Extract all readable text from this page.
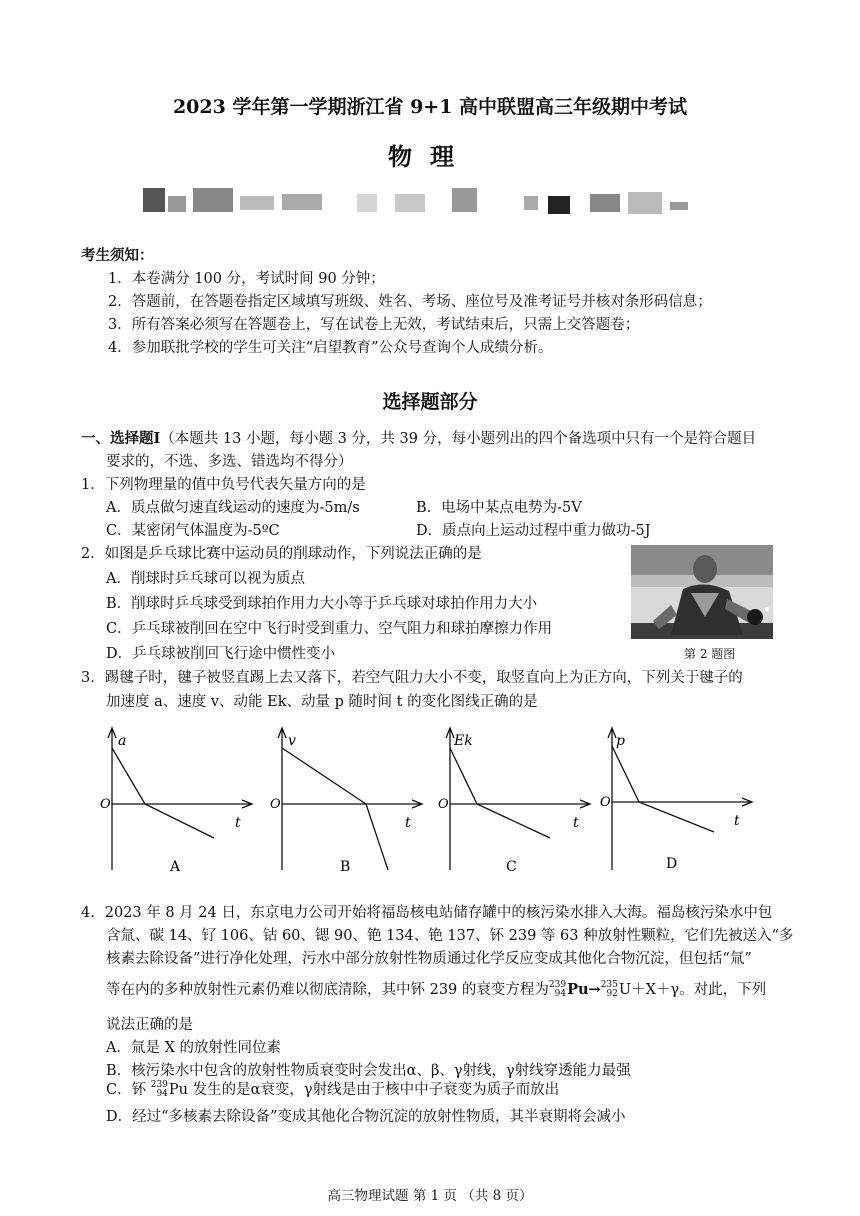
2023 学年第一学期浙江省 9+1 高中联盟高三年级期中考试
物理
考生须知：
1．本卷满分 100 分，考试时间 90 分钟；
2．答题前，在答题卷指定区域填写班级、姓名、考场、座位号及准考证号并核对条形码信息；
3．所有答案必须写在答题卷上，写在试卷上无效，考试结束后，只需上交答题卷；
4．参加联批学校的学生可关注“启望教育”公众号查询个人成绩分析。
选择题部分
一、选择题Ⅰ（本题共 13 小题，每小题 3 分，共 39 分，每小题列出的四个备选项中只有一个是符合题目
要求的，不选、多选、错选均不得分）
1．下列物理量的值中负号代表矢量方向的是
A．质点做匀速直线运动的速度为-5m/s	B．电场中某点电势为-5V
C．某密闭气体温度为-5ºC	D．质点向上运动过程中重力做功-5J
2．如图是乒乓球比赛中运动员的削球动作，下列说法正确的是
A．削球时乒乓球可以视为质点
B．削球时乒乓球受到球拍作用力大小等于乒乓球对球拍作用力大小
C．乒乓球被削回在空中飞行时受到重力、空气阻力和球拍摩擦力作用
D．乒乓球被削回飞行途中惯性变小	第 2 题图
3．踢毽子时，毽子被竖直踢上去又落下，若空气阻力大小不变，取竖直向上为正方向，下列关于毽子的
加速度 a、速度 v、动能 Ek、动量 p 随时间 t 的变化图线正确的是
a
O
t
A
v
O
t
B
Ek
O
t
C
p
O
t
D
4．2023 年 8 月 24 日，东京电力公司开始将福岛核电站储存罐中的核污染水排入大海。福岛核污染水中包
含氚、碳 14、钌 106、钴 60、锶 90、铯 134、铯 137、钚 239 等 63 种放射性颗粒，它们先被送入“多
核素去除设备”进行净化处理，污水中部分放射性物质通过化学反应变成其他化合物沉淀，但包括“氚”
等在内的多种放射性元素仍难以彻底清除，其中钚 239 的衰变方程为239
94Pu→235
92U＋X＋γ。对此，下列
说法正确的是
A．氚是 X 的放射性同位素
B．核污染水中包含的放射性物质衰变时会发出α、β、γ射线，γ射线穿透能力最强
C．钚 239
94Pu 发生的是α衰变，γ射线是由于核中中子衰变为质子而放出
D．经过“多核素去除设备”变成其他化合物沉淀的放射性物质，其半衰期将会减小
高三物理试题 第 1 页 （共 8 页）
